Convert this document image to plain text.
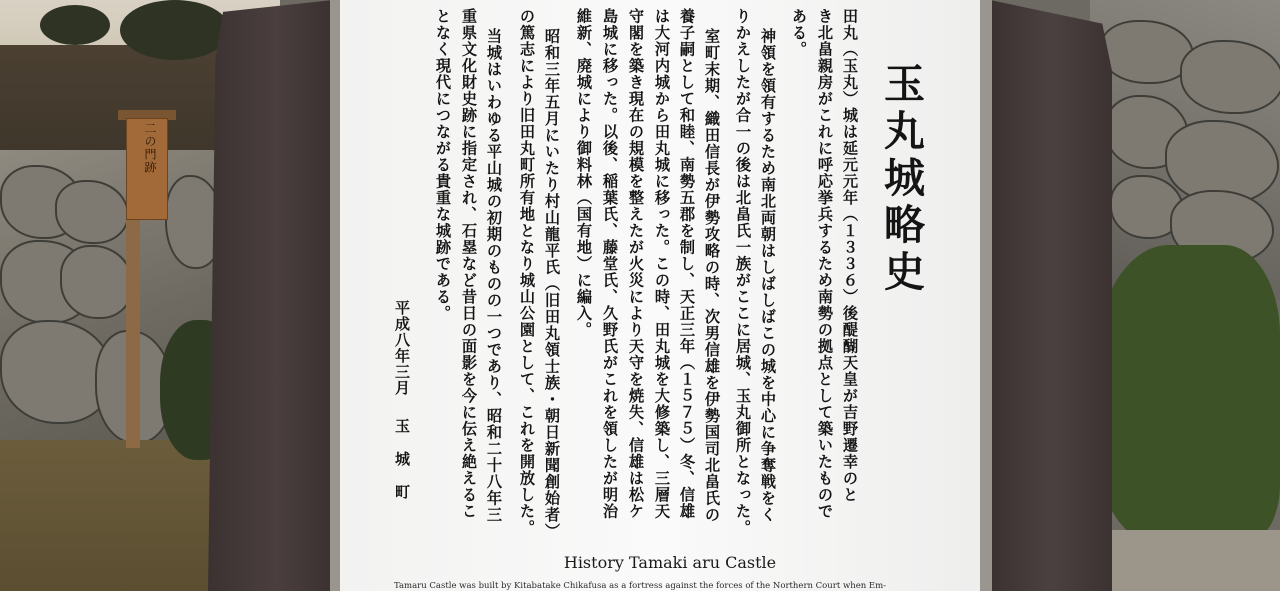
二の門跡	玉丸城略史
田丸（玉丸）城は延元元年（１３３６）後醍醐天皇が吉野遷幸のと
き北畠親房がこれに呼応挙兵するため南勢の拠点として築いたもので
ある。
神領を領有するため南北両朝はしばしばこの城を中心に争奪戦をく
りかえしたが合一の後は北畠氏一族がここに居城、玉丸御所となった。
室町末期、織田信長が伊勢攻略の時、次男信雄を伊勢国司北畠氏の
養子嗣として和睦、南勢五郡を制し、天正三年（１５７５）冬、信雄
は大河内城から田丸城に移った。この時、田丸城を大修築し、三層天
守閣を築き現在の規模を整えたが火災により天守を焼失、信雄は松ケ
島城に移った。以後、稲葉氏、藤堂氏、久野氏がこれを領したが明治
維新、廃城により御料林（国有地）に編入。
昭和三年五月にいたり村山龍平氏（旧田丸領士族・朝日新聞創始者）
の篤志により旧田丸町所有地となり城山公園として、これを開放した。
当城はいわゆる平山城の初期のものの一つであり、昭和二十八年三
重県文化財史跡に指定され、石塁など昔日の面影を今に伝え絶えるこ
となく現代につながる貴重な城跡である。
平成八年三月
玉城町
History Tamaki aru Castle
Tamaru Castle was built by Kitabatake Chikafusa as a fortress against the forces of the Northern Court when Em-
